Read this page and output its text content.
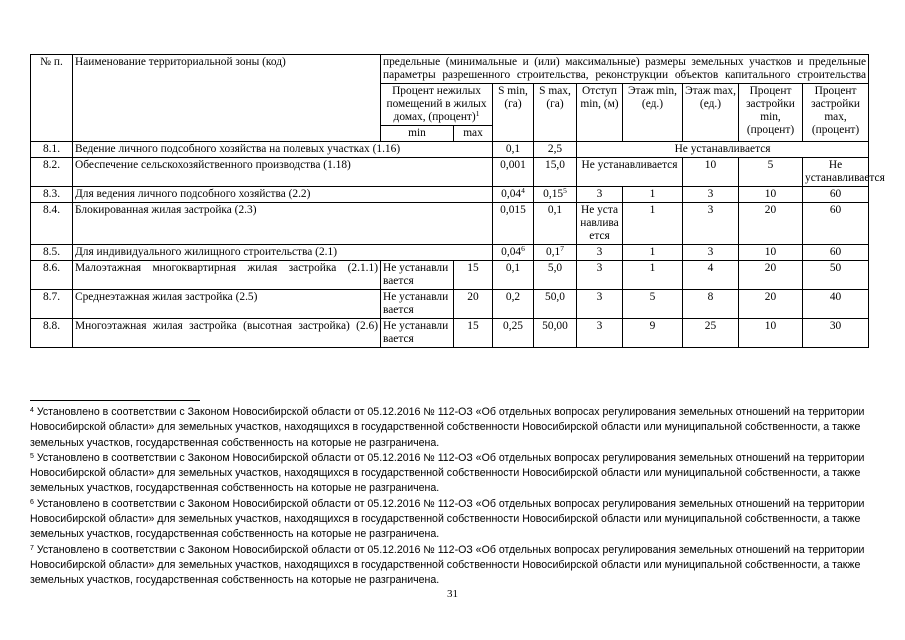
№ п.	Наименование территориальной зоны (код)	предельные (минимальные и (или) максимальные) размеры земельных участков и предельные параметры разрешенного строительства, реконструкции объектов капитального строительства								
		Процент нежилых помещений в жилых домах, (процент)$^1$		S min, (га)	S max, (га)	Отступ min, (м)	Этаж min, (ед.)	Этаж max, (ед.)	Процент застройки min, (процент)	Процент застройки max, (процент)
		min	max							
8.1.	Ведение личного подсобного хозяйства на полевых участках (1.16)			0,1	2,5	Не устанавливается				
8.2.	Обеспечение сельскохозяйственного производства (1.18)			0,001	15,0	Не устанавливается		10	5	Не устанавливается
8.3.	Для ведения личного подсобного хозяйства (2.2)			0,04$^4$	0,15$^5$	3	1	3	10	60
8.4.	Блокированная жилая застройка (2.3)			0,015	0,1	Не устанавливается	1	3	20	60
8.5.	Для индивидуального жилищного строительства (2.1)			0,04$^6$	$0,1^7$	3	1	3	10	60
8.6.	Малоэтажная многоквартирная жилая застройка (2.1.1)	Не устанавливается	15	0,1	5,0	3	1	4	20	50
8.7.	Среднеэтажная жилая застройка (2.5)	Не устанавливается	20	0,2	50,0	3	5	8	20	40
8.8.	Многоэтажная жилая застройка (высотная застройка) (2.6)	Не устанавливается	15	0,25	50,00	3	9	25	10	30

$^4$ Установлено в соответствии с Законом Новосибирской области от 05.12.2016 № 112-ОЗ «Об отдельных вопросах регулирования земельных отношений на территории Новосибирской области» для земельных участков, находящихся в государственной собственности Новосибирской области или муниципальной собственности, а также земельных участков, государственная собственность на которые не разграничена.

$^5$ Установлено в соответствии с Законом Новосибирской области от 05.12.2016 № 112-ОЗ «Об отдельных вопросах регулирования земельных отношений на территории Новосибирской области» для земельных участков, находящихся в государственной собственности Новосибирской области или муниципальной собственности, а также земельных участков, государственная собственность на которые не разграничена.

$^6$ Установлено в соответствии с Законом Новосибирской области от 05.12.2016 № 112-ОЗ «Об отдельных вопросах регулирования земельных отношений на территории Новосибирской области» для земельных участков, находящихся в государственной собственности Новосибирской области или муниципальной собственности, а также земельных участков, государственная собственность на которые не разграничена.

$^7$ Установлено в соответствии с Законом Новосибирской области от 05.12.2016 № 112-ОЗ «Об отдельных вопросах регулирования земельных отношений на территории Новосибирской области» для земельных участков, находящихся в государственной собственности Новосибирской области или муниципальной собственности, а также земельных участков, государственная собственность на которые не разграничена.

31
